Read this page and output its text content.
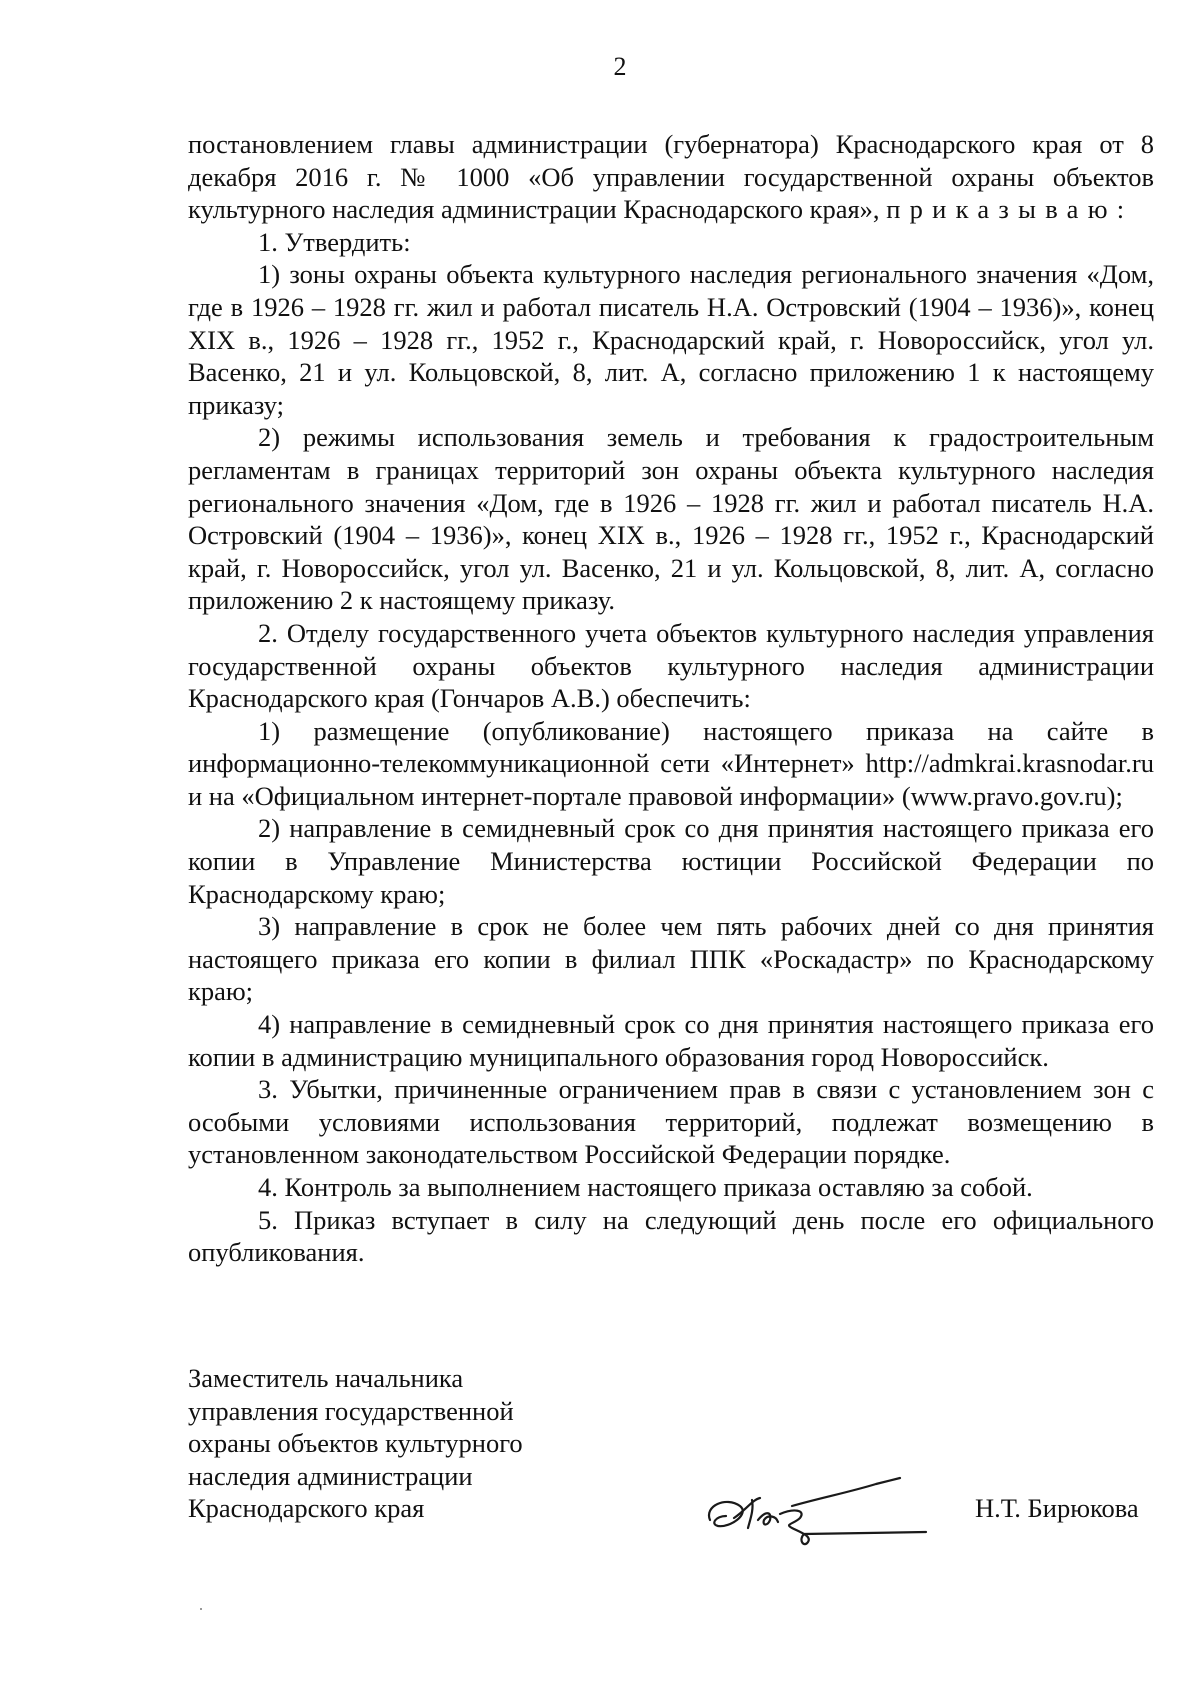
2

постановлением главы администрации (губернатора) Краснодарского края от 8 декабря 2016 г. № 1000 «Об управлении государственной охраны объектов культурного наследия администрации Краснодарского края», приказываю:

1. Утвердить:

1) зоны охраны объекта культурного наследия регионального значения «Дом, где в 1926 – 1928 гг. жил и работал писатель Н.А. Островский (1904 – 1936)», конец XIX в., 1926 – 1928 гг., 1952 г., Краснодарский край, г. Новороссийск, угол ул. Васенко, 21 и ул. Кольцовской, 8, лит. А, согласно приложению 1 к настоящему приказу;

2) режимы использования земель и требования к градостроительным регламентам в границах территорий зон охраны объекта культурного наследия регионального значения «Дом, где в 1926 – 1928 гг. жил и работал писатель Н.А. Островский (1904 – 1936)», конец XIX в., 1926 – 1928 гг., 1952 г., Краснодарский край, г. Новороссийск, угол ул. Васенко, 21 и ул. Кольцовской, 8, лит. А, согласно приложению 2 к настоящему приказу.

2. Отделу государственного учета объектов культурного наследия управления государственной охраны объектов культурного наследия администрации Краснодарского края (Гончаров А.В.) обеспечить:

1) размещение (опубликование) настоящего приказа на сайте в информационно-телекоммуникационной сети «Интернет» http://admkrai.krasnodar.ru и на «Официальном интернет-портале правовой информации» (www.pravo.gov.ru);

2) направление в семидневный срок со дня принятия настоящего приказа его копии в Управление Министерства юстиции Российской Федерации по Краснодарскому краю;

3) направление в срок не более чем пять рабочих дней со дня принятия настоящего приказа его копии в филиал ППК «Роскадастр» по Краснодарскому краю;

4) направление в семидневный срок со дня принятия настоящего приказа его копии в администрацию муниципального образования город Новороссийск.

3. Убытки, причиненные ограничением прав в связи с установлением зон с особыми условиями использования территорий, подлежат возмещению в установленном законодательством Российской Федерации порядке.

4. Контроль за выполнением настоящего приказа оставляю за собой.

5. Приказ вступает в силу на следующий день после его официального опубликования.

Заместитель начальника
управления государственной
охраны объектов культурного
наследия администрации
Краснодарского края	Н.Т. Бирюкова
